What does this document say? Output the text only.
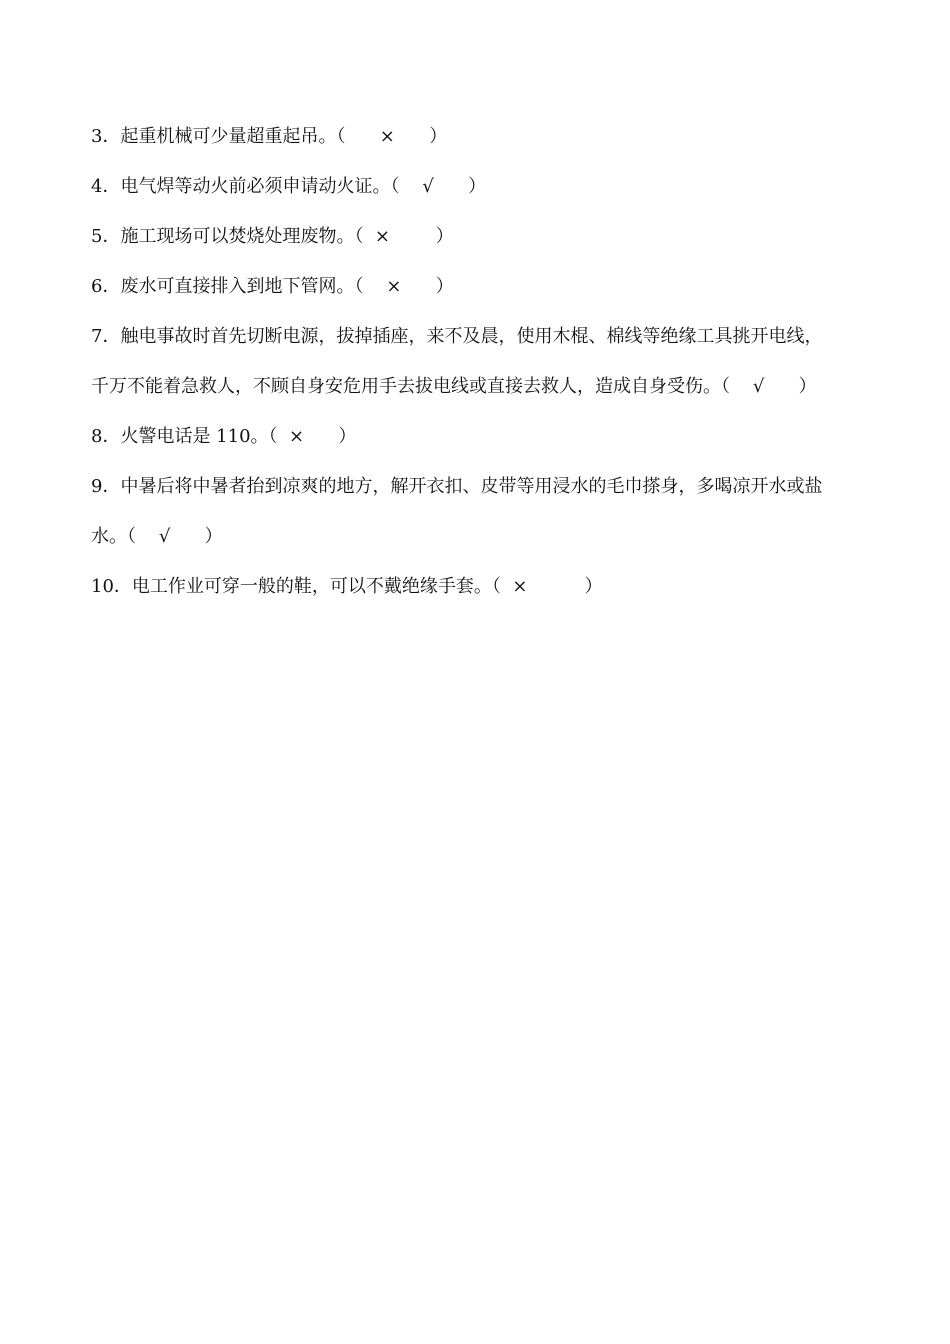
3．起重机械可少量超重起吊。（      ×      ）
4．电气焊等动火前必须申请动火证。（    √      ）
5．施工现场可以焚烧处理废物。（  ×        ）
6．废水可直接排入到地下管网。（    ×      ）
7．触电事故时首先切断电源，拔掉插座，来不及晨，使用木棍、棉线等绝缘工具挑开电线，
千万不能着急救人，不顾自身安危用手去拔电线或直接去救人，造成自身受伤。（    √      ）
8．火警电话是 110。（  ×      ）
9．中暑后将中暑者抬到凉爽的地方，解开衣扣、皮带等用浸水的毛巾搽身，多喝凉开水或盐
水。（    √      ）
10．电工作业可穿一般的鞋，可以不戴绝缘手套。（  ×          ）
